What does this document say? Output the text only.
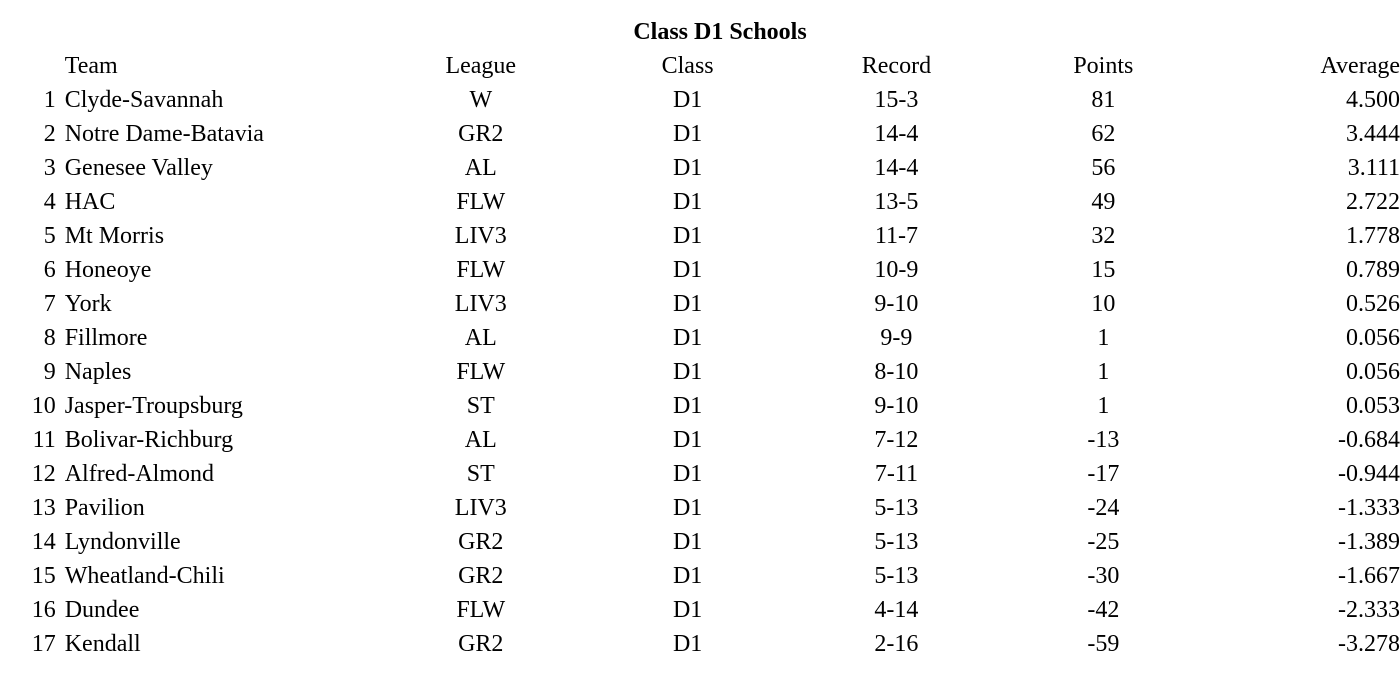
Class D1 Schools
	Team	League	Class	Record	Points	Average
1	Clyde-Savannah	W	D1	15-3	81	4.500
2	Notre Dame-Batavia	GR2	D1	14-4	62	3.444
3	Genesee Valley	AL	D1	14-4	56	3.111
4	HAC	FLW	D1	13-5	49	2.722
5	Mt Morris	LIV3	D1	11-7	32	1.778
6	Honeoye	FLW	D1	10-9	15	0.789
7	York	LIV3	D1	9-10	10	0.526
8	Fillmore	AL	D1	9-9	1	0.056
9	Naples	FLW	D1	8-10	1	0.056
10	Jasper-Troupsburg	ST	D1	9-10	1	0.053
11	Bolivar-Richburg	AL	D1	7-12	-13	-0.684
12	Alfred-Almond	ST	D1	7-11	-17	-0.944
13	Pavilion	LIV3	D1	5-13	-24	-1.333
14	Lyndonville	GR2	D1	5-13	-25	-1.389
15	Wheatland-Chili	GR2	D1	5-13	-30	-1.667
16	Dundee	FLW	D1	4-14	-42	-2.333
17	Kendall	GR2	D1	2-16	-59	-3.278
